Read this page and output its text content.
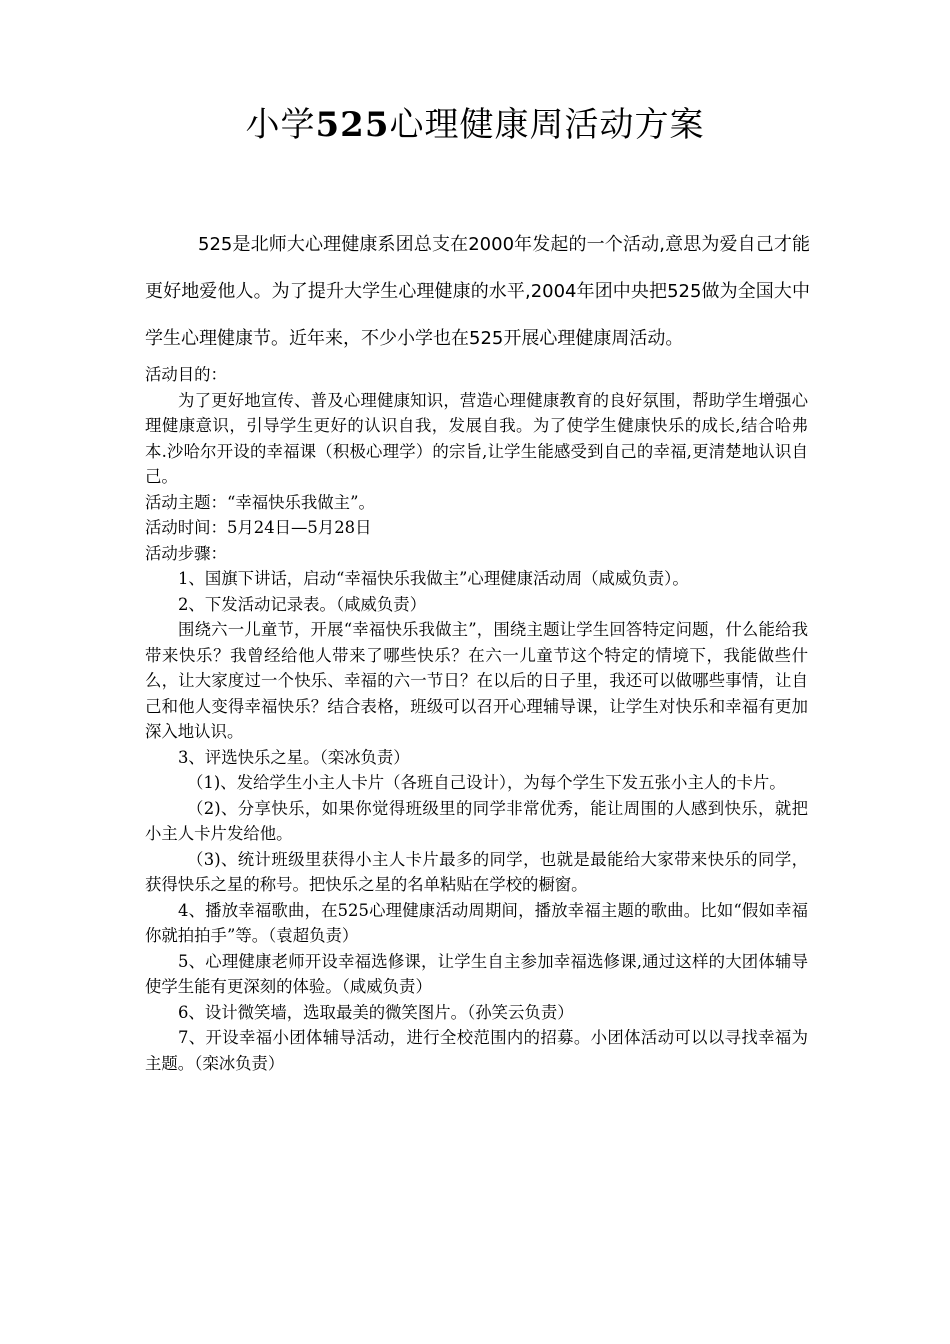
小学525心理健康周活动方案

525是北师大心理健康系团总支在2000年发起的一个活动,意思为爱自己才能更好地爱他人。为了提升大学生心理健康的水平,2004年团中央把525做为全国大中学生心理健康节。近年来，不少小学也在525开展心理健康周活动。

活动目的：

为了更好地宣传、普及心理健康知识，营造心理健康教育的良好氛围，帮助学生增强心理健康意识，引导学生更好的认识自我，发展自我。为了使学生健康快乐的成长,结合哈弗本.沙哈尔开设的幸福课（积极心理学）的宗旨,让学生能感受到自己的幸福,更清楚地认识自己。

活动主题：“幸福快乐我做主”。

活动时间：5月24日—5月28日

活动步骤：

1、国旗下讲话，启动“幸福快乐我做主”心理健康活动周（咸威负责）。

2、下发活动记录表。（咸威负责）

围绕六一儿童节，开展“幸福快乐我做主”，围绕主题让学生回答特定问题，什么能给我带来快乐？我曾经给他人带来了哪些快乐？在六一儿童节这个特定的情境下，我能做些什么，让大家度过一个快乐、幸福的六一节日？在以后的日子里，我还可以做哪些事情，让自己和他人变得幸福快乐？结合表格，班级可以召开心理辅导课，让学生对快乐和幸福有更加深入地认识。

3、评选快乐之星。（栾冰负责）

（1)、发给学生小主人卡片（各班自己设计），为每个学生下发五张小主人的卡片。

（2)、分享快乐，如果你觉得班级里的同学非常优秀，能让周围的人感到快乐，就把小主人卡片发给他。

（3)、统计班级里获得小主人卡片最多的同学，也就是最能给大家带来快乐的同学，获得快乐之星的称号。把快乐之星的名单粘贴在学校的橱窗。

4、播放幸福歌曲，在525心理健康活动周期间，播放幸福主题的歌曲。比如“假如幸福你就拍拍手”等。（袁超负责）

5、心理健康老师开设幸福选修课，让学生自主参加幸福选修课,通过这样的大团体辅导使学生能有更深刻的体验。（咸威负责）

6、设计微笑墙，选取最美的微笑图片。（孙笑云负责）

7、开设幸福小团体辅导活动，进行全校范围内的招募。小团体活动可以以寻找幸福为主题。（栾冰负责）
